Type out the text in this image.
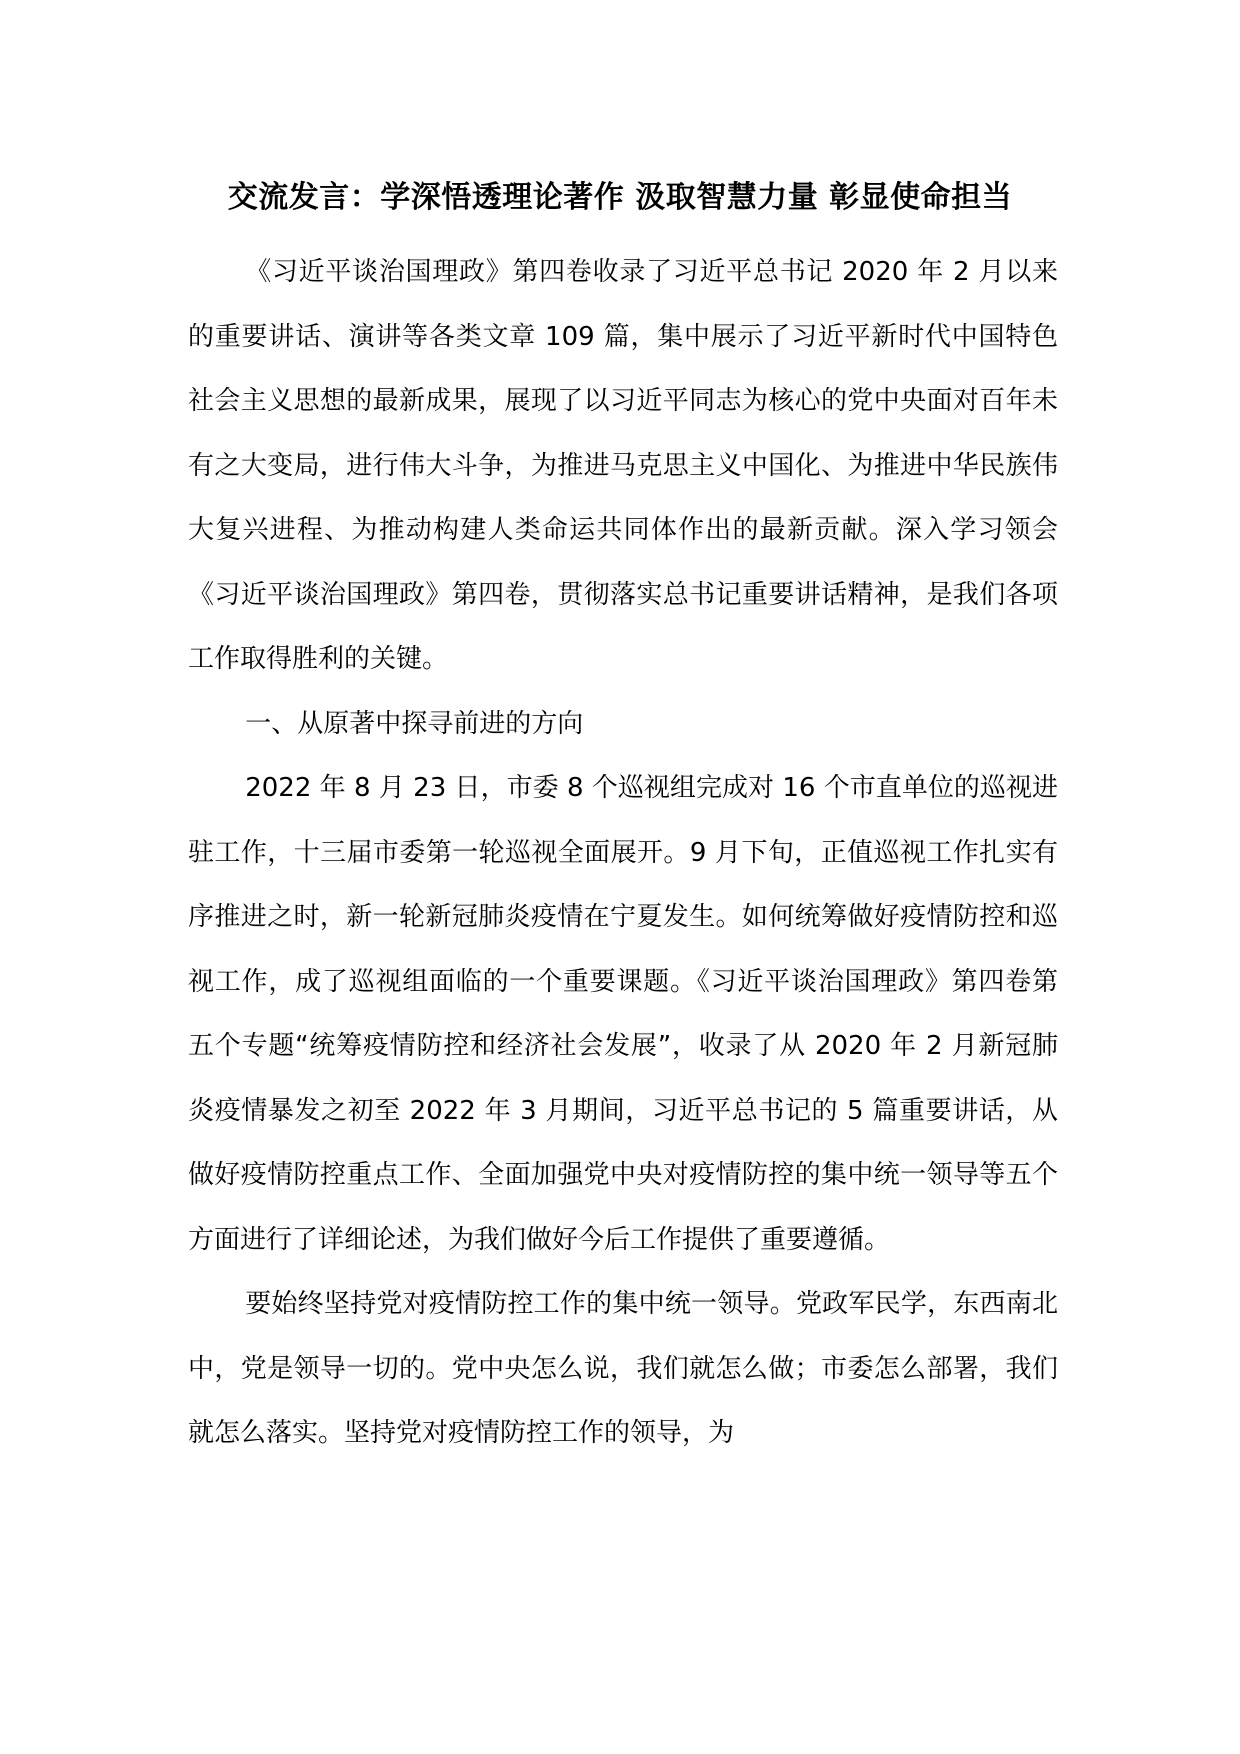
交流发言：学深悟透理论著作 汲取智慧力量 彰显使命担当

《习近平谈治国理政》第四卷收录了习近平总书记 2020 年 2 月以来的重要讲话、演讲等各类文章 109 篇，集中展示了习近平新时代中国特色社会主义思想的最新成果，展现了以习近平同志为核心的党中央面对百年未有之大变局，进行伟大斗争，为推进马克思主义中国化、为推进中华民族伟大复兴进程、为推动构建人类命运共同体作出的最新贡献。深入学习领会《习近平谈治国理政》第四卷，贯彻落实总书记重要讲话精神，是我们各项工作取得胜利的关键。

一、从原著中探寻前进的方向

2022 年 8 月 23 日，市委 8 个巡视组完成对 16 个市直单位的巡视进驻工作，十三届市委第一轮巡视全面展开。9 月下旬，正值巡视工作扎实有序推进之时，新一轮新冠肺炎疫情在宁夏发生。如何统筹做好疫情防控和巡视工作，成了巡视组面临的一个重要课题。《习近平谈治国理政》第四卷第五个专题“统筹疫情防控和经济社会发展”，收录了从 2020 年 2 月新冠肺炎疫情暴发之初至 2022 年 3 月期间，习近平总书记的 5 篇重要讲话，从做好疫情防控重点工作、全面加强党中央对疫情防控的集中统一领导等五个方面进行了详细论述，为我们做好今后工作提供了重要遵循。

要始终坚持党对疫情防控工作的集中统一领导。党政军民学，东西南北中，党是领导一切的。党中央怎么说，我们就怎么做；市委怎么部署，我们就怎么落实。坚持党对疫情防控工作的领导，为
